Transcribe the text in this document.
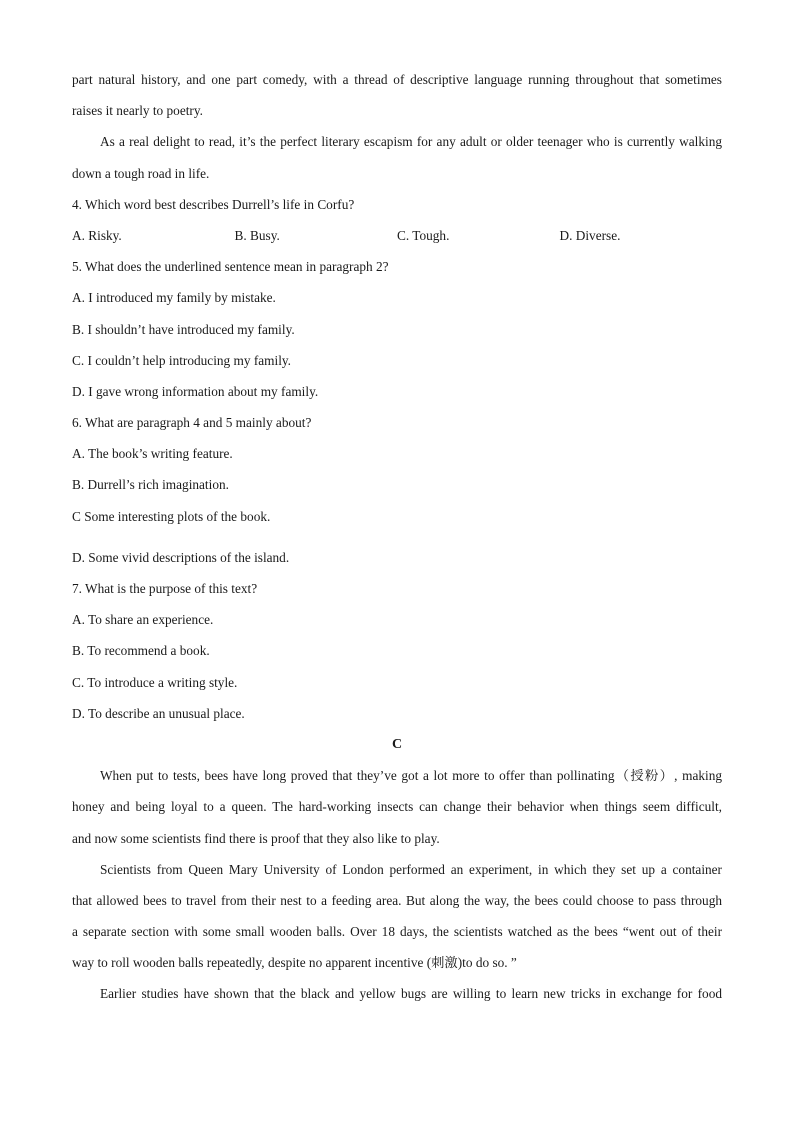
part natural history, and one part comedy, with a thread of descriptive language running throughout that sometimes
raises it nearly to poetry.
As a real delight to read, it’s the perfect literary escapism for any adult or older teenager who is currently walking
down a tough road in life.
4. Which word best describes Durrell’s life in Corfu?
A. Risky.	B. Busy.	C. Tough.	D. Diverse.
5. What does the underlined sentence mean in paragraph 2?
A. I introduced my family by mistake.
B. I shouldn’t have introduced my family.
C. I couldn’t help introducing my family.
D. I gave wrong information about my family.
6. What are paragraph 4 and 5 mainly about?
A. The book’s writing feature.
B. Durrell’s rich imagination.
C Some interesting plots of the book.
D. Some vivid descriptions of the island.
7. What is the purpose of this text?
A. To share an experience.
B. To recommend a book.
C. To introduce a writing style.
D. To describe an unusual place.
C
When put to tests, bees have long proved that they’ve got a lot more to offer than pollinating（授粉）, making
honey and being loyal to a queen. The hard-working insects can change their behavior when things seem difficult,
and now some scientists find there is proof that they also like to play.
Scientists from Queen Mary University of London performed an experiment, in which they set up a container
that allowed bees to travel from their nest to a feeding area. But along the way, the bees could choose to pass through
a separate section with some small wooden balls. Over 18 days, the scientists watched as the bees “went out of their
way to roll wooden balls repeatedly, despite no apparent incentive (刺激)to do so. ”
Earlier studies have shown that the black and yellow bugs are willing to learn new tricks in exchange for food
